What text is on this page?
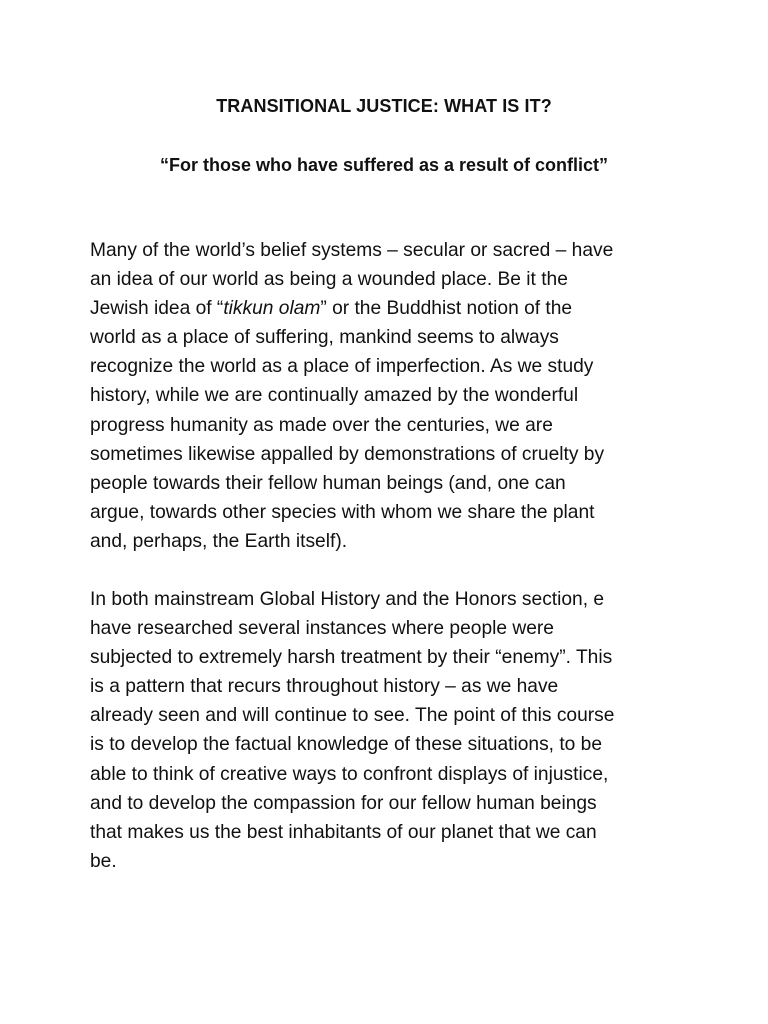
TRANSITIONAL JUSTICE: WHAT IS IT?
“For those who have suffered as a result of conflict”

Many of the world’s belief systems – secular or sacred – have
an idea of our world as being a wounded place. Be it the
Jewish idea of “tikkun olam” or the Buddhist notion of the
world as a place of suffering, mankind seems to always
recognize the world as a place of imperfection. As we study
history, while we are continually amazed by the wonderful
progress humanity as made over the centuries, we are
sometimes likewise appalled by demonstrations of cruelty by
people towards their fellow human beings (and, one can
argue, towards other species with whom we share the plant
and, perhaps, the Earth itself).

In both mainstream Global History and the Honors section, e
have researched several instances where people were
subjected to extremely harsh treatment by their “enemy”. This
is a pattern that recurs throughout history – as we have
already seen and will continue to see. The point of this course
is to develop the factual knowledge of these situations, to be
able to think of creative ways to confront displays of injustice,
and to develop the compassion for our fellow human beings
that makes us the best inhabitants of our planet that we can
be.
